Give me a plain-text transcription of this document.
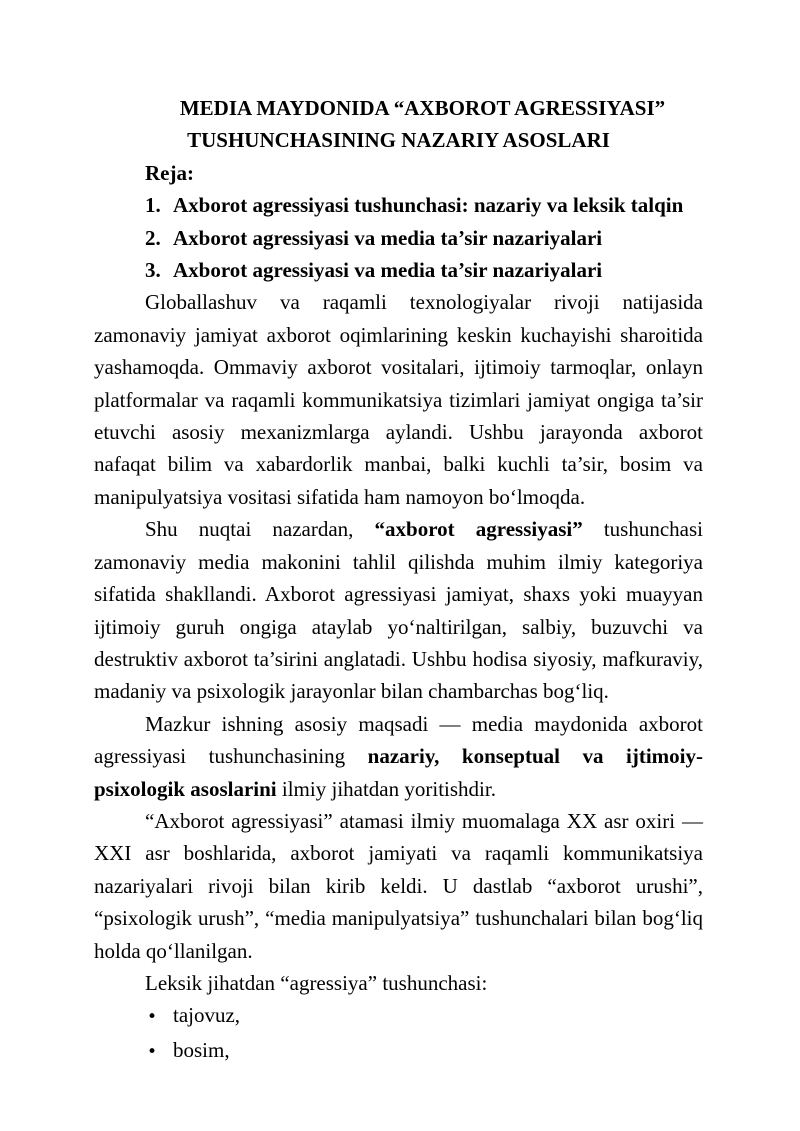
MEDIA MAYDONIDA “AXBOROT AGRESSIYASI”
TUSHUNCHASINING NAZARIY ASOSLARI

Reja:

1. Axborot agressiyasi tushunchasi: nazariy va leksik talqin

2. Axborot agressiyasi va media ta’sir nazariyalari

3. Axborot agressiyasi va media ta’sir nazariyalari

Globallashuv va raqamli texnologiyalar rivoji natijasida zamonaviy jamiyat axborot oqimlarining keskin kuchayishi sharoitida yashamoqda. Ommaviy axborot vositalari, ijtimoiy tarmoqlar, onlayn platformalar va raqamli kommunikatsiya tizimlari jamiyat ongiga ta’sir etuvchi asosiy mexanizmlarga aylandi. Ushbu jarayonda axborot nafaqat bilim va xabardorlik manbai, balki kuchli ta’sir, bosim va manipulyatsiya vositasi sifatida ham namoyon bo‘lmoqda.

Shu nuqtai nazardan, “axborot agressiyasi” tushunchasi zamonaviy media makonini tahlil qilishda muhim ilmiy kategoriya sifatida shakllandi. Axborot agressiyasi jamiyat, shaxs yoki muayyan ijtimoiy guruh ongiga ataylab yo‘naltirilgan, salbiy, buzuvchi va destruktiv axborot ta’sirini anglatadi. Ushbu hodisa siyosiy, mafkuraviy, madaniy va psixologik jarayonlar bilan chambarchas bog‘liq.

Mazkur ishning asosiy maqsadi — media maydonida axborot agressiyasi tushunchasining nazariy, konseptual va ijtimoiy-psixologik asoslarini ilmiy jihatdan yoritishdir.

“Axborot agressiyasi” atamasi ilmiy muomalaga XX asr oxiri — XXI asr boshlarida, axborot jamiyati va raqamli kommunikatsiya nazariyalari rivoji bilan kirib keldi. U dastlab “axborot urushi”, “psixologik urush”, “media manipulyatsiya” tushunchalari bilan bog‘liq holda qo‘llanilgan.

Leksik jihatdan “agressiya” tushunchasi:

• tajovuz,

• bosim,
